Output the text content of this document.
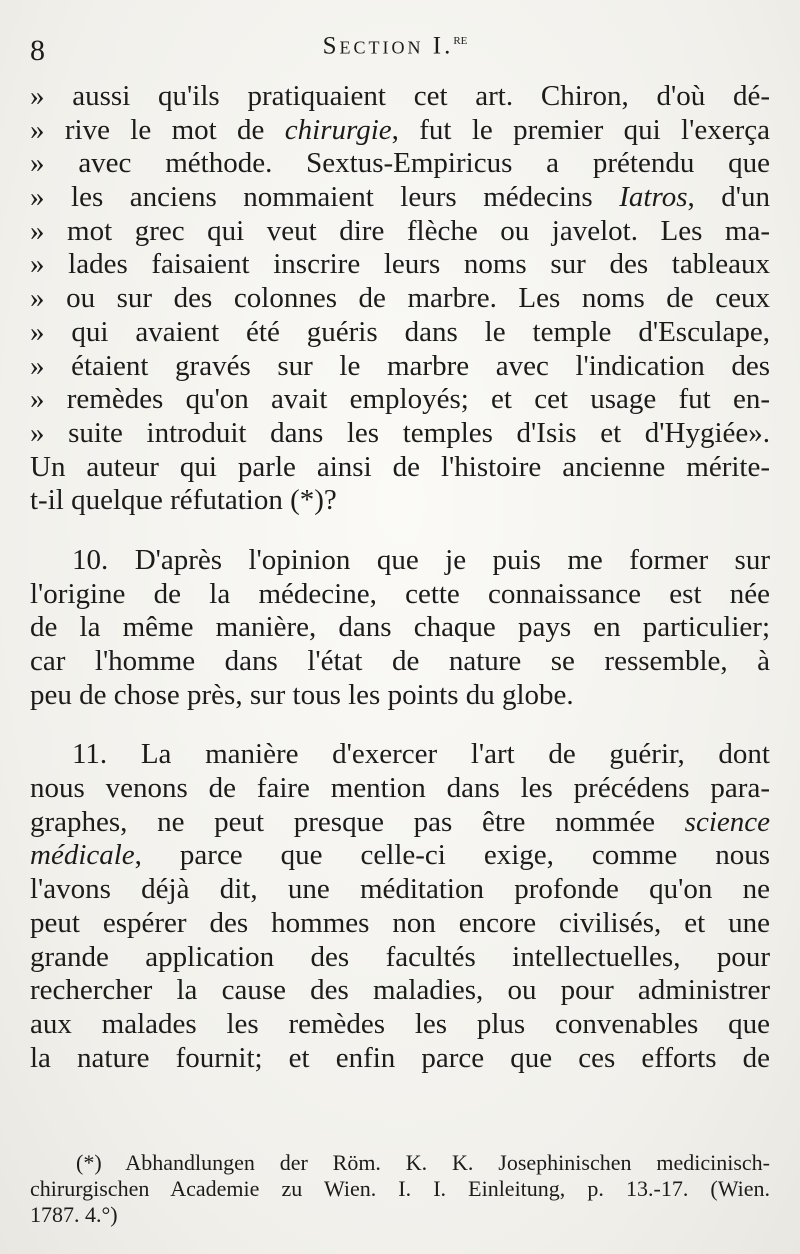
8	Section I.$^{re}$
» aussi qu'ils pratiquaient cet art. Chiron, d'où dé-
» rive le mot de chirurgie, fut le premier qui l'exerça
» avec méthode. Sextus-Empiricus a prétendu que
» les anciens nommaient leurs médecins Iatros, d'un
» mot grec qui veut dire flèche ou javelot. Les ma-
» lades faisaient inscrire leurs noms sur des tableaux
» ou sur des colonnes de marbre. Les noms de ceux
» qui avaient été guéris dans le temple d'Esculape,
» étaient gravés sur le marbre avec l'indication des
» remèdes qu'on avait employés; et cet usage fut en-
» suite introduit dans les temples d'Isis et d'Hygiée».
Un auteur qui parle ainsi de l'histoire ancienne mérite-
t-il quelque réfutation (*)?
10. D'après l'opinion que je puis me former sur
l'origine de la médecine, cette connaissance est née
de la même manière, dans chaque pays en particulier;
car l'homme dans l'état de nature se ressemble, à
peu de chose près, sur tous les points du globe.
11. La manière d'exercer l'art de guérir, dont
nous venons de faire mention dans les précédens para-
graphes, ne peut presque pas être nommée science
médicale, parce que celle-ci exige, comme nous
l'avons déjà dit, une méditation profonde qu'on ne
peut espérer des hommes non encore civilisés, et une
grande application des facultés intellectuelles, pour
rechercher la cause des maladies, ou pour administrer
aux malades les remèdes les plus convenables que
la nature fournit; et enfin parce que ces efforts de
(*) Abhandlungen der Röm. K. K. Josephinischen medicinisch-
chirurgischen Academie zu Wien. I. I. Einleitung, p. 13.-17. (Wien.
1787. 4.°)
